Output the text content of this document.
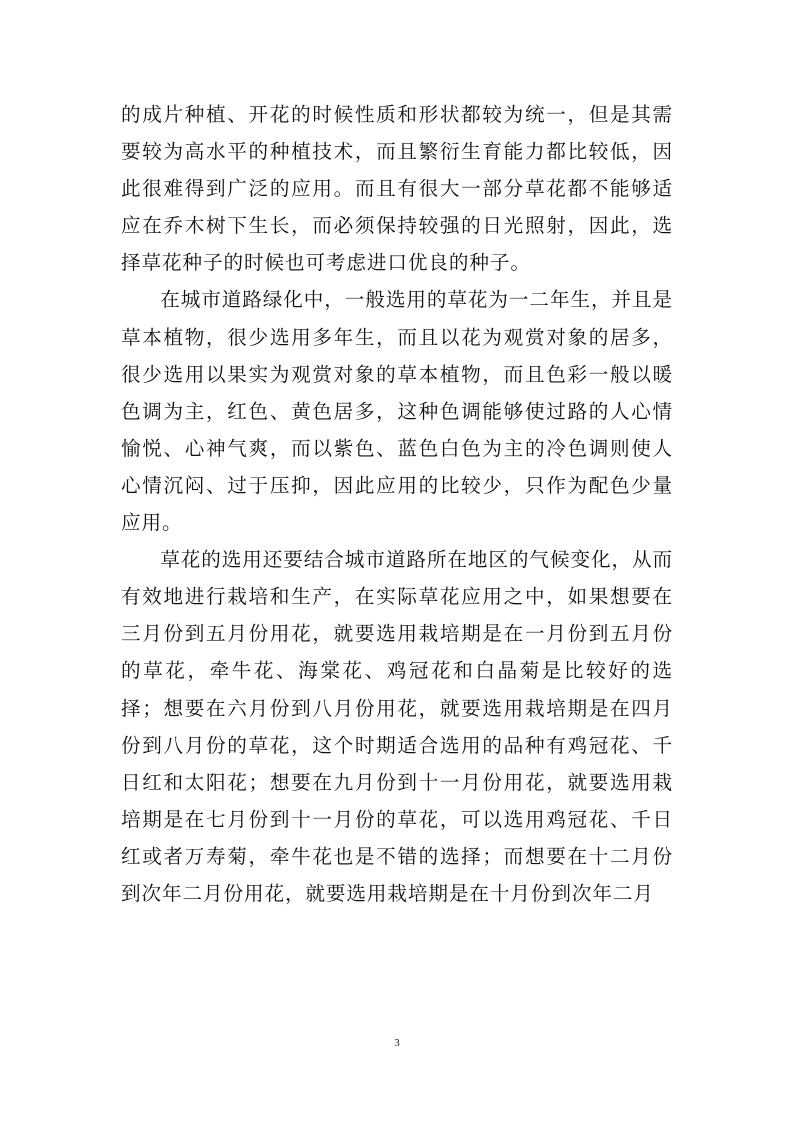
的成片种植、开花的时候性质和形状都较为统一，但是其需要较为高水平的种植技术，而且繁衍生育能力都比较低，因此很难得到广泛的应用。而且有很大一部分草花都不能够适应在乔木树下生长，而必须保持较强的日光照射，因此，选择草花种子的时候也可考虑进口优良的种子。

在城市道路绿化中，一般选用的草花为一二年生，并且是草本植物，很少选用多年生，而且以花为观赏对象的居多，很少选用以果实为观赏对象的草本植物，而且色彩一般以暖色调为主，红色、黄色居多，这种色调能够使过路的人心情愉悦、心神气爽，而以紫色、蓝色白色为主的冷色调则使人心情沉闷、过于压抑，因此应用的比较少，只作为配色少量应用。

草花的选用还要结合城市道路所在地区的气候变化，从而有效地进行栽培和生产，在实际草花应用之中，如果想要在三月份到五月份用花，就要选用栽培期是在一月份到五月份的草花，牵牛花、海棠花、鸡冠花和白晶菊是比较好的选择；想要在六月份到八月份用花，就要选用栽培期是在四月份到八月份的草花，这个时期适合选用的品种有鸡冠花、千日红和太阳花；想要在九月份到十一月份用花，就要选用栽培期是在七月份到十一月份的草花，可以选用鸡冠花、千日红或者万寿菊，牵牛花也是不错的选择；而想要在十二月份到次年二月份用花，就要选用栽培期是在十月份到次年二月

3
